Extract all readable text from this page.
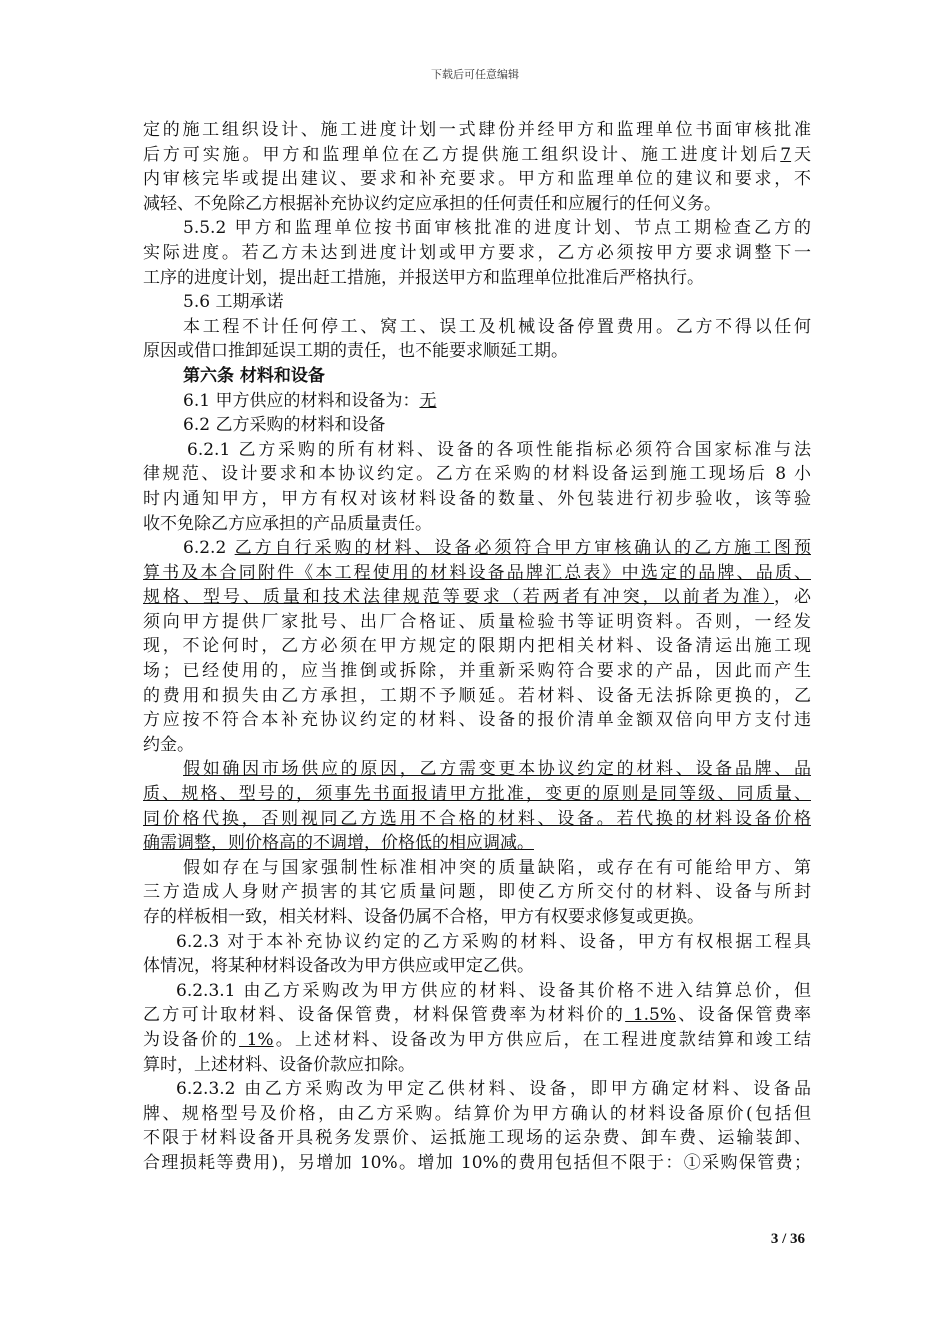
下载后可任意编辑
定的施工组织设计、施工进度计划一式肆份并经甲方和监理单位书面审核批准
后方可实施。甲方和监理单位在乙方提供施工组织设计、施工进度计划后7天
内审核完毕或提出建议、要求和补充要求。甲方和监理单位的建议和要求，不
减轻、不免除乙方根据补充协议约定应承担的任何责任和应履行的任何义务。
5.5.2 甲方和监理单位按书面审核批准的进度计划、节点工期检查乙方的
实际进度。若乙方未达到进度计划或甲方要求，乙方必须按甲方要求调整下一
工序的进度计划，提出赶工措施，并报送甲方和监理单位批准后严格执行。
5.6 工期承诺
本工程不计任何停工、窝工、误工及机械设备停置费用。乙方不得以任何
原因或借口推卸延误工期的责任，也不能要求顺延工期。
第六条 材料和设备
6.1 甲方供应的材料和设备为：无
6.2 乙方采购的材料和设备
6.2.1 乙方采购的所有材料、设备的各项性能指标必须符合国家标准与法
律规范、设计要求和本协议约定。乙方在采购的材料设备运到施工现场后 8 小
时内通知甲方，甲方有权对该材料设备的数量、外包装进行初步验收，该等验
收不免除乙方应承担的产品质量责任。
6.2.2 乙方自行采购的材料、设备必须符合甲方审核确认的乙方施工图预
算书及本合同附件《本工程使用的材料设备品牌汇总表》中选定的品牌、品质、
规格、型号、质量和技术法律规范等要求（若两者有冲突，以前者为准），必
须向甲方提供厂家批号、出厂合格证、质量检验书等证明资料。否则，一经发
现，不论何时，乙方必须在甲方规定的限期内把相关材料、设备清运出施工现
场；已经使用的，应当推倒或拆除，并重新采购符合要求的产品，因此而产生
的费用和损失由乙方承担，工期不予顺延。若材料、设备无法拆除更换的，乙
方应按不符合本补充协议约定的材料、设备的报价清单金额双倍向甲方支付违
约金。
假如确因市场供应的原因，乙方需变更本协议约定的材料、设备品牌、品
质、规格、型号的，须事先书面报请甲方批准，变更的原则是同等级、同质量、
同价格代换，否则视同乙方选用不合格的材料、设备。若代换的材料设备价格
确需调整，则价格高的不调增，价格低的相应调减。
假如存在与国家强制性标准相冲突的质量缺陷，或存在有可能给甲方、第
三方造成人身财产损害的其它质量问题，即使乙方所交付的材料、设备与所封
存的样板相一致，相关材料、设备仍属不合格，甲方有权要求修复或更换。
6.2.3 对于本补充协议约定的乙方采购的材料、设备，甲方有权根据工程具
体情况，将某种材料设备改为甲方供应或甲定乙供。
6.2.3.1 由乙方采购改为甲方供应的材料、设备其价格不进入结算总价，但
乙方可计取材料、设备保管费，材料保管费率为材料价的 1.5%、设备保管费率
为设备价的 1%。上述材料、设备改为甲方供应后，在工程进度款结算和竣工结
算时，上述材料、设备价款应扣除。
6.2.3.2 由乙方采购改为甲定乙供材料、设备，即甲方确定材料、设备品
牌、规格型号及价格，由乙方采购。结算价为甲方确认的材料设备原价(包括但
不限于材料设备开具税务发票价、运抵施工现场的运杂费、卸车费、运输装卸、
合理损耗等费用)，另增加 10%。增加 10%的费用包括但不限于：①采购保管费；
3 / 36
